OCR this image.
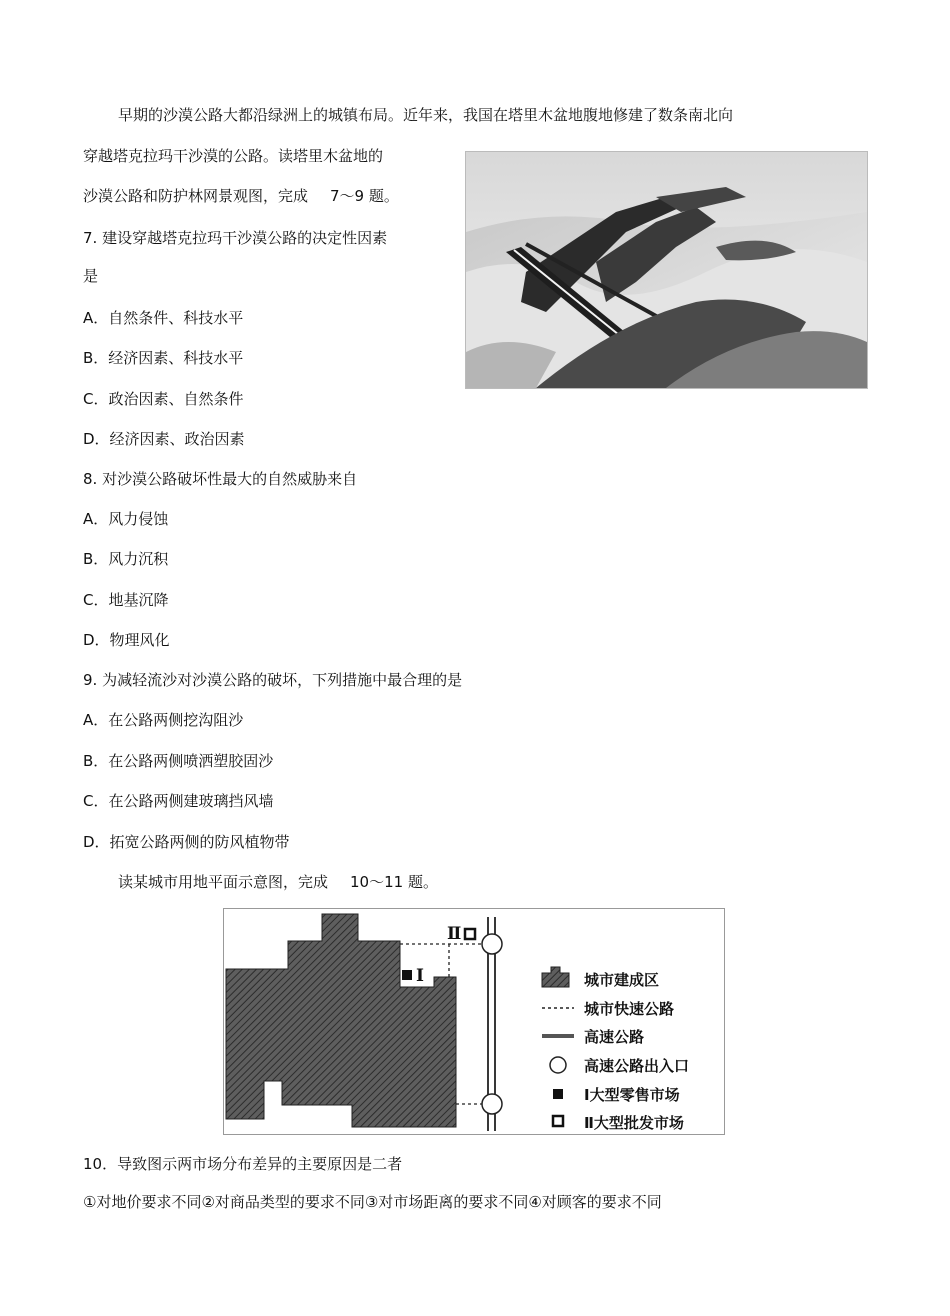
早期的沙漠公路大都沿绿洲上的城镇布局。近年来，我国在塔里木盆地腹地修建了数条南北向
穿越塔克拉玛干沙漠的公路。读塔里木盆地的
沙漠公路和防护林网景观图，完成 7～9 题。
7. 建设穿越塔克拉玛干沙漠公路的决定性因素
是
A．自然条件、科技水平
B．经济因素、科技水平
C．政治因素、自然条件
D．经济因素、政治因素
8. 对沙漠公路破坏性最大的自然威胁来自
A．风力侵蚀
B．风力沉积
C．地基沉降
D．物理风化
9. 为减轻流沙对沙漠公路的破坏，下列措施中最合理的是
A．在公路两侧挖沟阻沙
B．在公路两侧喷洒塑胶固沙
C．在公路两侧建玻璃挡风墙
D．拓宽公路两侧的防风植物带
读某城市用地平面示意图，完成 10～11 题。
Ⅰ
Ⅱ
城市建成区
城市快速公路
高速公路
高速公路出入口
Ⅰ大型零售市场
Ⅱ大型批发市场
10．导致图示两市场分布差异的主要原因是二者
①对地价要求不同②对商品类型的要求不同③对市场距离的要求不同④对顾客的要求不同
